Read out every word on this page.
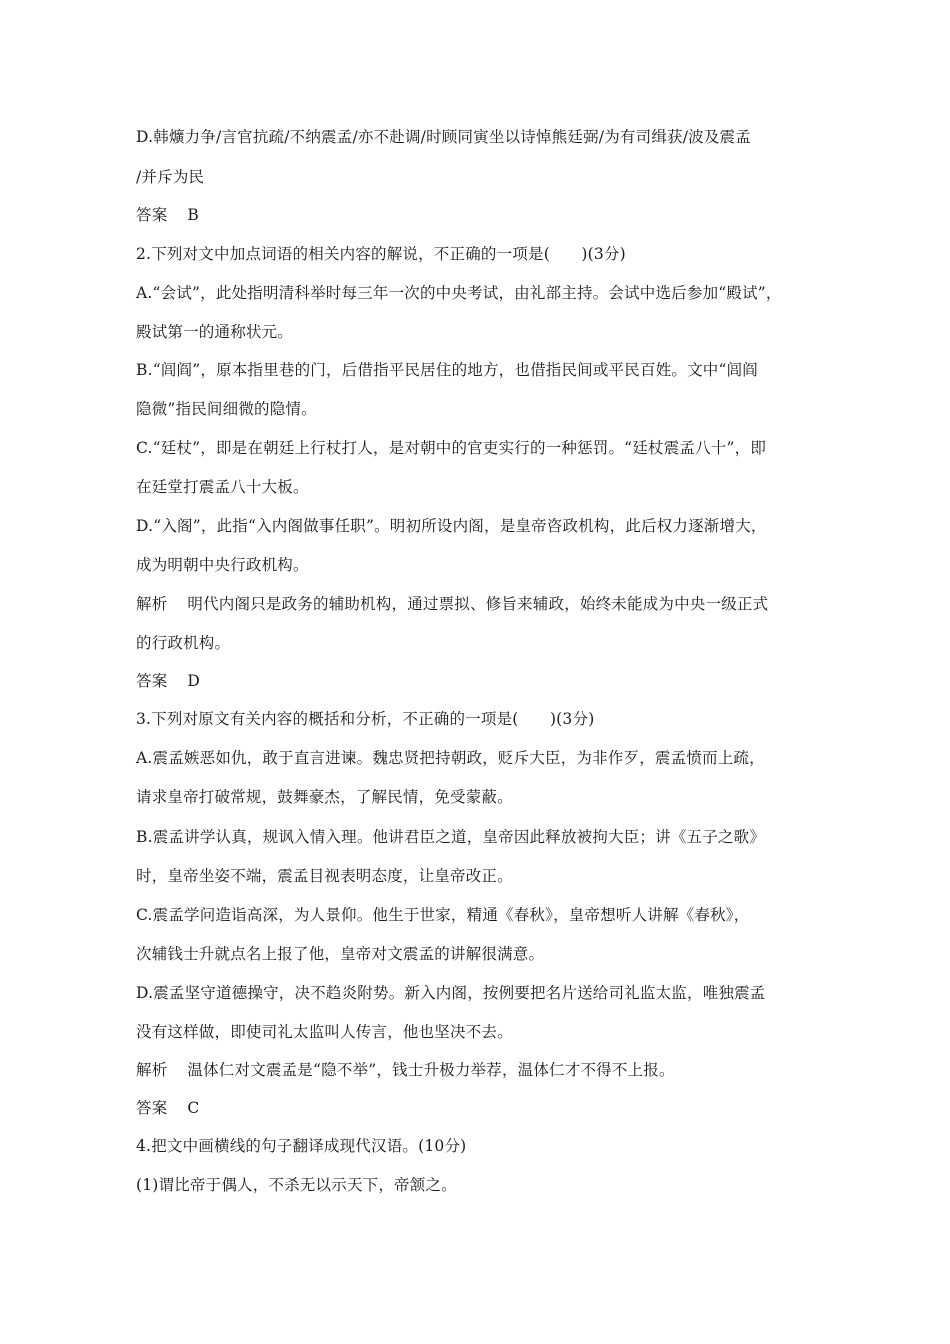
D.韩爌力争/言官抗疏/不纳震孟/亦不赴调/时顾同寅坐以诗悼熊廷弼/为有司缉获/波及震孟
/并斥为民
答案 B
2.下列对文中加点词语的相关内容的解说，不正确的一项是(　　)(3分)
A.“会试”，此处指明清科举时每三年一次的中央考试，由礼部主持。会试中选后参加“殿试”，
殿试第一的通称状元。
B.“闾阎”，原本指里巷的门，后借指平民居住的地方，也借指民间或平民百姓。文中“闾阎
隐微”指民间细微的隐情。
C.“廷杖”，即是在朝廷上行杖打人，是对朝中的官吏实行的一种惩罚。“廷杖震孟八十”，即
在廷堂打震孟八十大板。
D.“入阁”，此指“入内阁做事任职”。明初所设内阁，是皇帝咨政机构，此后权力逐渐增大，
成为明朝中央行政机构。
解析 明代内阁只是政务的辅助机构，通过票拟、修旨来辅政，始终未能成为中央一级正式
的行政机构。
答案 D
3.下列对原文有关内容的概括和分析，不正确的一项是(　　)(3分)
A.震孟嫉恶如仇，敢于直言进谏。魏忠贤把持朝政，贬斥大臣，为非作歹，震孟愤而上疏，
请求皇帝打破常规，鼓舞豪杰，了解民情，免受蒙蔽。
B.震孟讲学认真，规讽入情入理。他讲君臣之道，皇帝因此释放被拘大臣；讲《五子之歌》
时，皇帝坐姿不端，震孟目视表明态度，让皇帝改正。
C.震孟学问造诣高深，为人景仰。他生于世家，精通《春秋》，皇帝想听人讲解《春秋》，
次辅钱士升就点名上报了他，皇帝对文震孟的讲解很满意。
D.震孟坚守道德操守，决不趋炎附势。新入内阁，按例要把名片送给司礼监太监，唯独震孟
没有这样做，即使司礼太监叫人传言，他也坚决不去。
解析 温体仁对文震孟是“隐不举”，钱士升极力举荐，温体仁才不得不上报。
答案 C
4.把文中画横线的句子翻译成现代汉语。(10分)
(1)谓比帝于偶人，不杀无以示天下，帝颔之。
